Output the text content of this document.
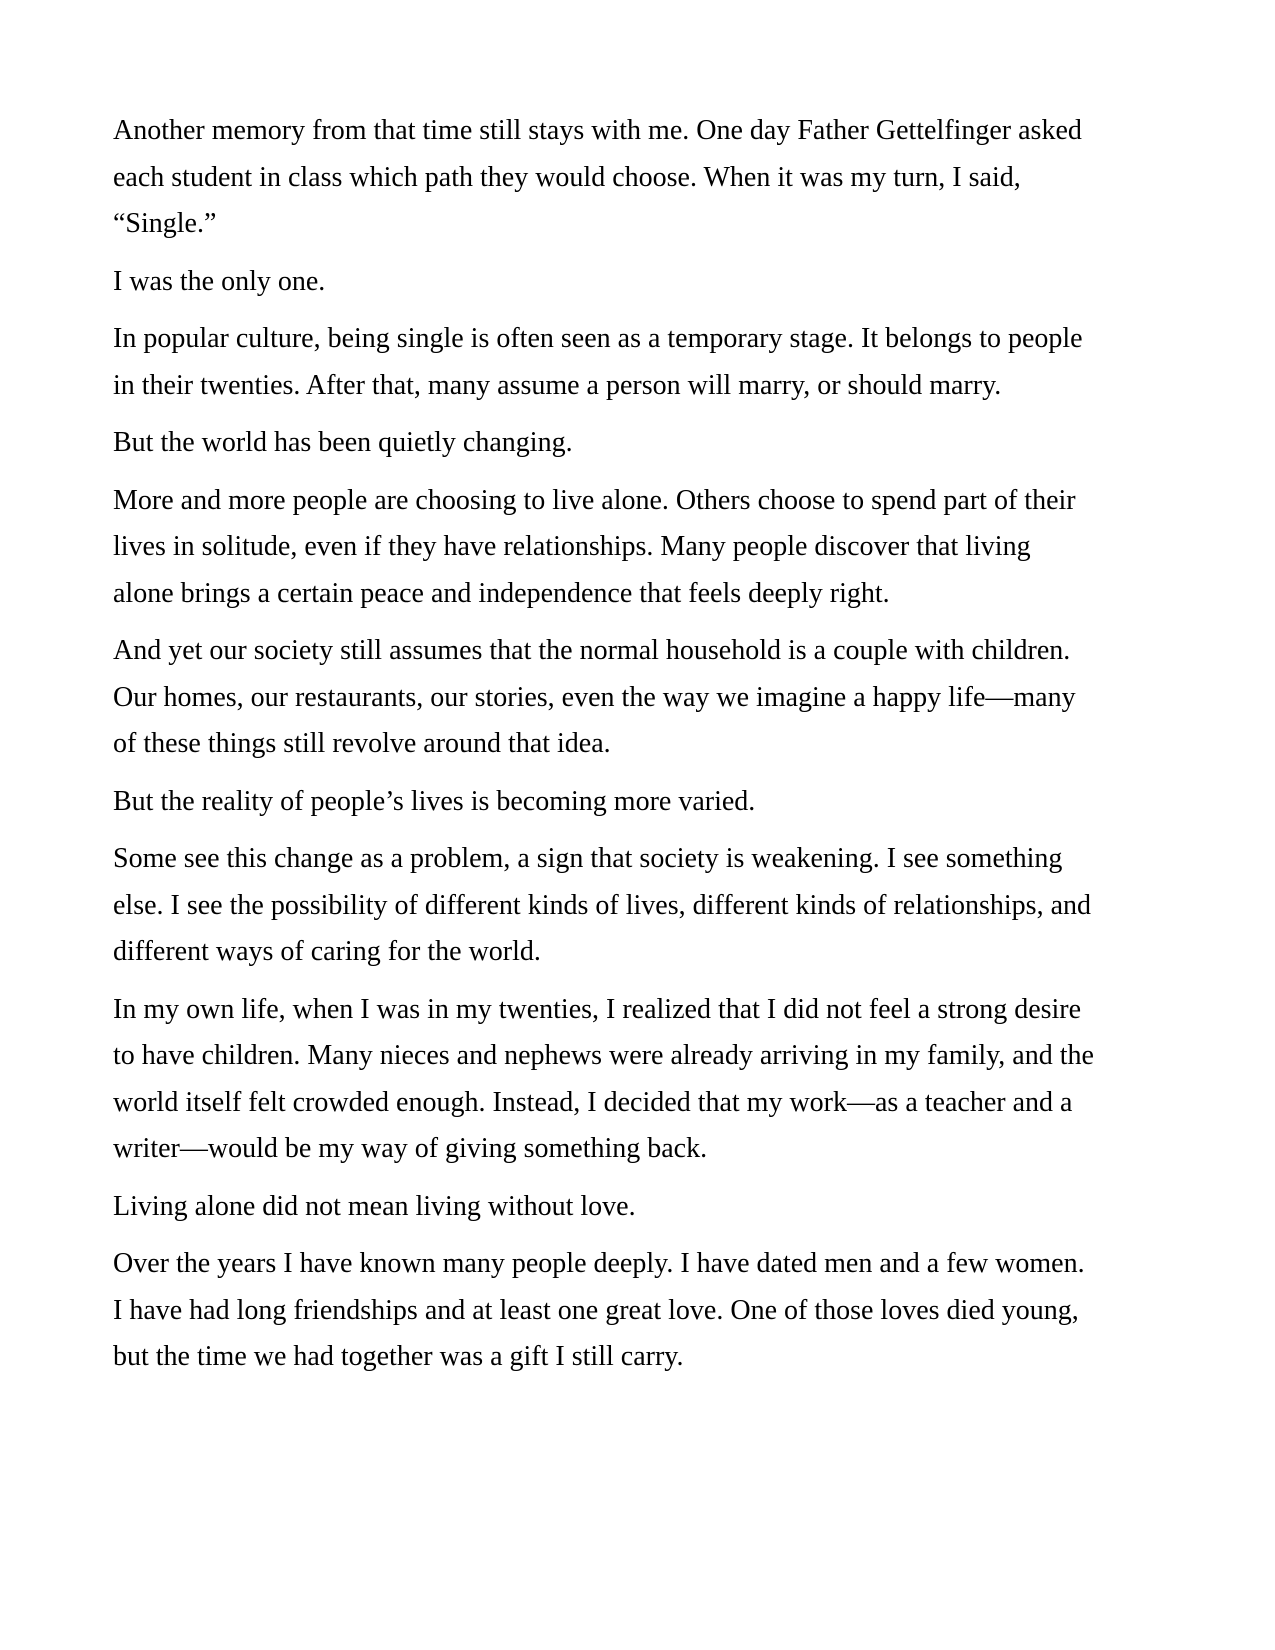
Another memory from that time still stays with me. One day Father Gettelfinger asked each student in class which path they would choose. When it was my turn, I said, “Single.”

I was the only one.

In popular culture, being single is often seen as a temporary stage. It belongs to people in their twenties. After that, many assume a person will marry, or should marry.

But the world has been quietly changing.

More and more people are choosing to live alone. Others choose to spend part of their lives in solitude, even if they have relationships. Many people discover that living alone brings a certain peace and independence that feels deeply right.

And yet our society still assumes that the normal household is a couple with children. Our homes, our restaurants, our stories, even the way we imagine a happy life—many of these things still revolve around that idea.

But the reality of people’s lives is becoming more varied.

Some see this change as a problem, a sign that society is weakening. I see something else. I see the possibility of different kinds of lives, different kinds of relationships, and different ways of caring for the world.

In my own life, when I was in my twenties, I realized that I did not feel a strong desire to have children. Many nieces and nephews were already arriving in my family, and the world itself felt crowded enough. Instead, I decided that my work—as a teacher and a writer—would be my way of giving something back.

Living alone did not mean living without love.

Over the years I have known many people deeply. I have dated men and a few women. I have had long friendships and at least one great love. One of those loves died young, but the time we had together was a gift I still carry.
